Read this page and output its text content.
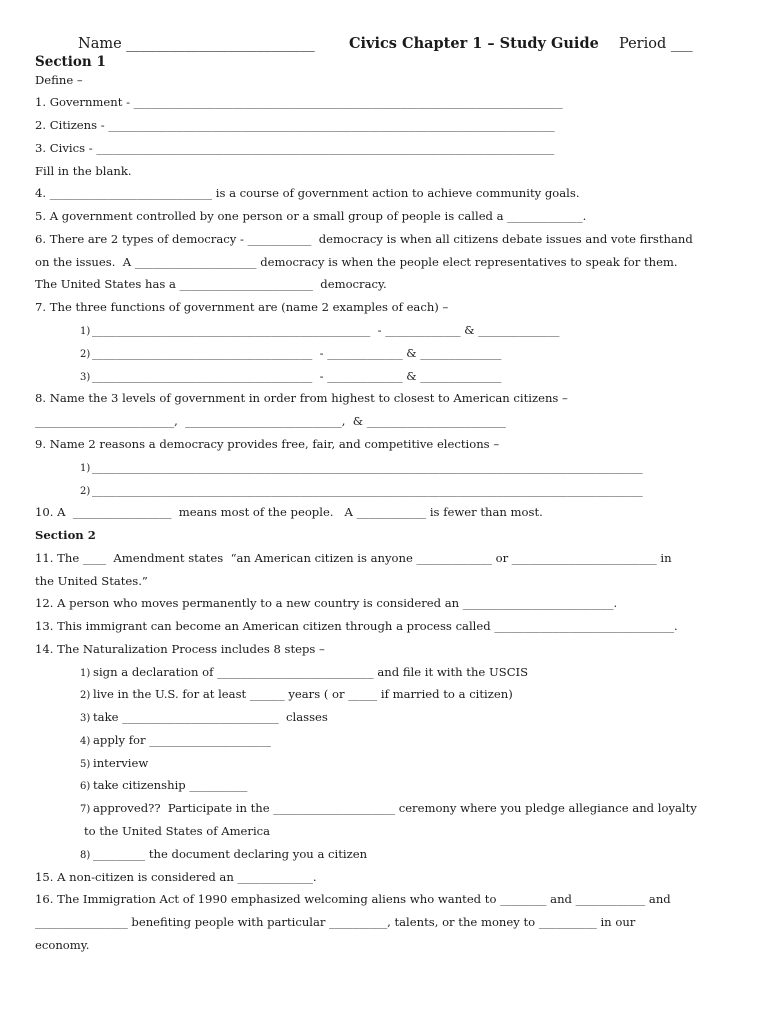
Name __________________________ Civics Chapter 1 – Study Guide Period ___
Section 1
Define –
1. Government - __________________________________________________________________________
2. Citizens - _____________________________________________________________________________
3. Civics - _______________________________________________________________________________
Fill in the blank.
4. ____________________________ is a course of government action to achieve community goals.
5. A government controlled by one person or a small group of people is called a _____________.
6. There are 2 types of democracy - ___________  democracy is when all citizens debate issues and vote firsthand
on the issues.  A _____________________ democracy is when the people elect representatives to speak for them.
The United States has a _______________________  democracy.
7. The three functions of government are (name 2 examples of each) –
1) ________________________________________________  - _____________ & ______________
2) ______________________________________  - _____________ & ______________
3) ______________________________________  - _____________ & ______________
8. Name the 3 levels of government in order from highest to closest to American citizens –
________________________,  ___________________________,  & ________________________
9. Name 2 reasons a democracy provides free, fair, and competitive elections –
1) _______________________________________________________________________________________________
2) _______________________________________________________________________________________________
10. A  _________________  means most of the people.   A ____________ is fewer than most.
Section 2
11. The ____  Amendment states  “an American citizen is anyone _____________ or _________________________ in
the United States.”
12. A person who moves permanently to a new country is considered an __________________________.
13. This immigrant can become an American citizen through a process called _______________________________.
14. The Naturalization Process includes 8 steps –
1) sign a declaration of ___________________________ and file it with the USCIS
2) live in the U.S. for at least ______ years ( or _____ if married to a citizen)
3) take ___________________________  classes
4) apply for _____________________
5) interview
6) take citizenship __________
7) approved??  Participate in the _____________________ ceremony where you pledge allegiance and loyalty
to the United States of America
8) _________ the document declaring you a citizen
15. A non-citizen is considered an _____________.
16. The Immigration Act of 1990 emphasized welcoming aliens who wanted to ________ and ____________ and
________________ benefiting people with particular __________, talents, or the money to __________ in our
economy.
